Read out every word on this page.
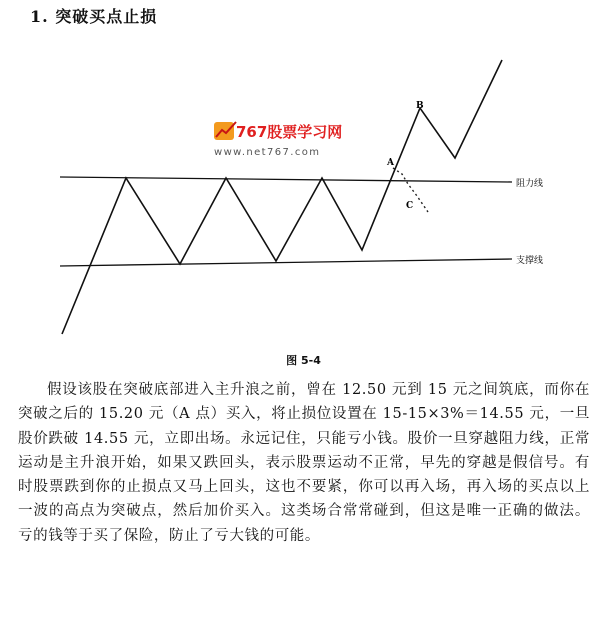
1. 突破买点止损
A
B
C
阻力线
支撑线
767股票学习网
www.net767.com
图 5-4
假设该股在突破底部进入主升浪之前，曾在 12.50 元到 15 元之间筑底，而你在突破之后的 15.20 元（A 点）买入，将止损位设置在 15-15×3%＝14.55 元，一旦股价跌破 14.55 元，立即出场。永远记住，只能亏小钱。股价一旦穿越阻力线，正常运动是主升浪开始，如果又跌回头，表示股票运动不正常，早先的穿越是假信号。有时股票跌到你的止损点又马上回头，这也不要紧，你可以再入场，再入场的买点以上一波的高点为突破点，然后加价买入。这类场合常常碰到，但这是唯一正确的做法。亏的钱等于买了保险，防止了亏大钱的可能。
